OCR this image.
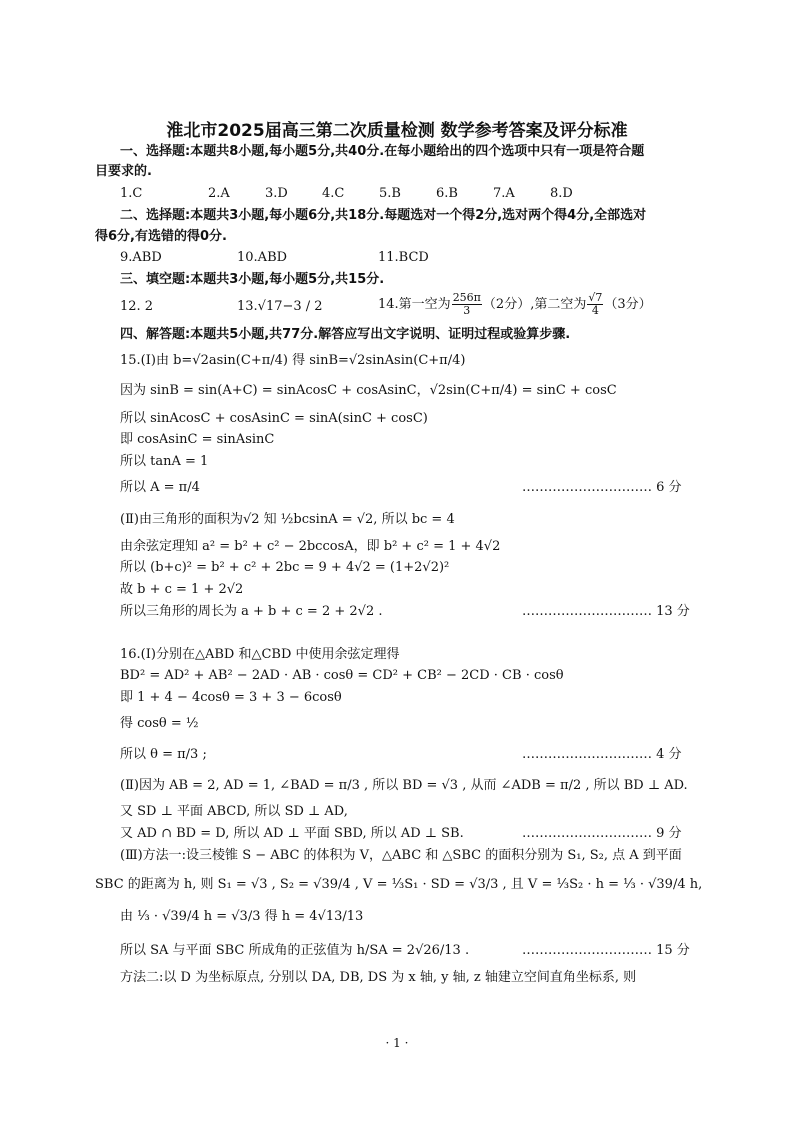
淮北市2025届高三第二次质量检测 数学参考答案及评分标准
一、选择题:本题共8小题,每小题5分,共40分.在每小题给出的四个选项中只有一项是符合题
目要求的.
1.C	2.A	3.D	4.C	5.B	6.B	7.A	8.D
二、选择题:本题共3小题,每小题6分,共18分.每题选对一个得2分,选对两个得4分,全部选对
得6分,有选错的得0分.
9.ABD	10.ABD	11.BCD
三、填空题:本题共3小题,每小题5分,共15分.
12. 2	13.√17−3 / 2	14.第一空为 $\frac{256\pi}{3} (2$分）,第二空为 $\frac{√7}{4} (3$分）
四、解答题:本题共5小题,共77分.解答应写出文字说明、证明过程或验算步骤.
15.(Ⅰ)由 b=√2asin(C+π/4) 得 sinB=√2sinAsin(C+π/4)
因为 sinB = sin(A+C) = sinAcosC + cosAsinC，√2sin(C+π/4) = sinC + cosC
所以 sinAcosC + cosAsinC = sinA(sinC + cosC)
即 cosAsinC = sinAsinC
所以 tanA = 1
所以 A = π/4	………………………… 6 分
(Ⅱ)由三角形的面积为√2 知 ½bcsinA = √2, 所以 bc = 4
由余弦定理知 a² = b² + c² − 2bccosA，即 b² + c² = 1 + 4√2
所以 (b+c)² = b² + c² + 2bc = 9 + 4√2 = (1+2√2)²
故 b + c = 1 + 2√2
所以三角形的周长为 a + b + c = 2 + 2√2 .	………………………… 13 分
16.(Ⅰ)分别在△ABD 和△CBD 中使用余弦定理得
BD² = AD² + AB² − 2AD · AB · cosθ = CD² + CB² − 2CD · CB · cosθ
即 1 + 4 − 4cosθ = 3 + 3 − 6cosθ
得 cosθ = ½
所以 θ = π/3 ;	………………………… 4 分
(Ⅱ)因为 AB = 2, AD = 1, ∠BAD = π/3 , 所以 BD = √3 , 从而 ∠ADB = π/2 , 所以 BD ⊥ AD.
又 SD ⊥ 平面 ABCD, 所以 SD ⊥ AD,
又 AD ∩ BD = D, 所以 AD ⊥ 平面 SBD, 所以 AD ⊥ SB.	………………………… 9 分
(Ⅲ)方法一:设三棱锥 S − ABC 的体积为 V，△ABC 和 △SBC 的面积分别为 S₁, S₂, 点 A 到平面
SBC 的距离为 h, 则 S₁ = √3 , S₂ = √39/4 , V = ⅓S₁ · SD = √3/3 , 且 V = ⅓S₂ · h = ⅓ · √39/4 h,
由 ⅓ · √39/4 h = √3/3 得 h = 4√13/13
所以 SA 与平面 SBC 所成角的正弦值为 h/SA = 2√26/13 .	………………………… 15 分
方法二:以 D 为坐标原点, 分别以 DA, DB, DS 为 x 轴, y 轴, z 轴建立空间直角坐标系, 则
· 1 ·
